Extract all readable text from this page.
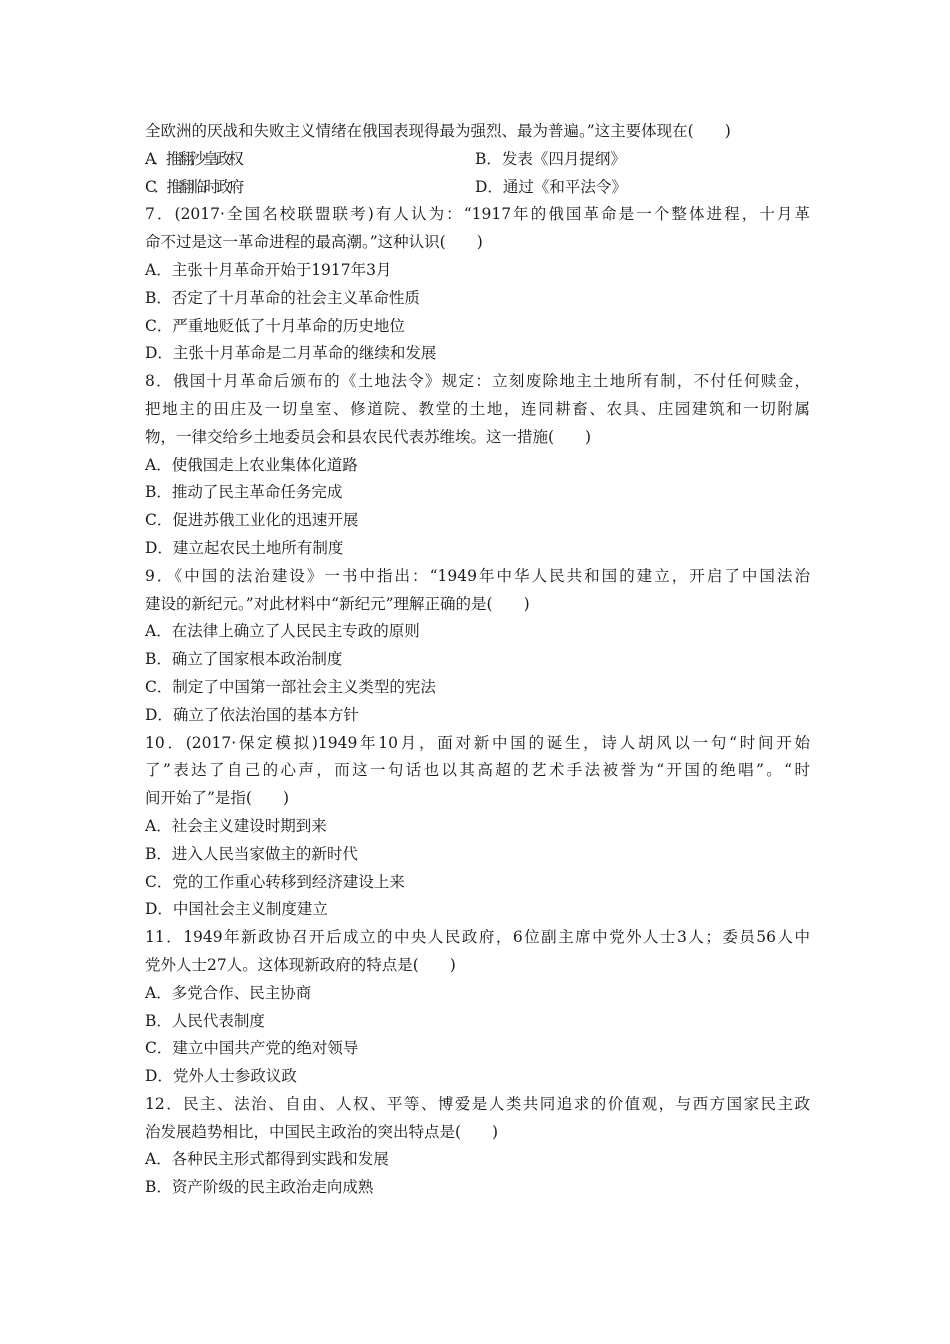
全欧洲的厌战和失败主义情绪在俄国表现得最为强烈、最为普遍。”这主要体现在(　　)
A．推翻沙皇政权	B．发表《四月提纲》
C．推翻临时政府	D．通过《和平法令》
7．(2017·全国名校联盟联考)有人认为：“1917年的俄国革命是一个整体进程，十月革
命不过是这一革命进程的最高潮。”这种认识(　　)
A．主张十月革命开始于1917年3月
B．否定了十月革命的社会主义革命性质
C．严重地贬低了十月革命的历史地位
D．主张十月革命是二月革命的继续和发展
8．俄国十月革命后颁布的《土地法令》规定：立刻废除地主土地所有制，不付任何赎金，
把地主的田庄及一切皇室、修道院、教堂的土地，连同耕畜、农具、庄园建筑和一切附属
物，一律交给乡土地委员会和县农民代表苏维埃。这一措施(　　)
A．使俄国走上农业集体化道路
B．推动了民主革命任务完成
C．促进苏俄工业化的迅速开展
D．建立起农民土地所有制度
9．《中国的法治建设》一书中指出：“1949年中华人民共和国的建立，开启了中国法治
建设的新纪元。”对此材料中“新纪元”理解正确的是(　　)
A．在法律上确立了人民民主专政的原则
B．确立了国家根本政治制度
C．制定了中国第一部社会主义类型的宪法
D．确立了依法治国的基本方针
10．(2017·保定模拟)1949年10月，面对新中国的诞生，诗人胡风以一句“时间开始
了”表达了自己的心声，而这一句话也以其高超的艺术手法被誉为“开国的绝唱”。“时
间开始了”是指(　　)
A．社会主义建设时期到来
B．进入人民当家做主的新时代
C．党的工作重心转移到经济建设上来
D．中国社会主义制度建立
11．1949年新政协召开后成立的中央人民政府，6位副主席中党外人士3人；委员56人中
党外人士27人。这体现新政府的特点是(　　)
A．多党合作、民主协商
B．人民代表制度
C．建立中国共产党的绝对领导
D．党外人士参政议政
12．民主、法治、自由、人权、平等、博爱是人类共同追求的价值观，与西方国家民主政
治发展趋势相比，中国民主政治的突出特点是(　　)
A．各种民主形式都得到实践和发展
B．资产阶级的民主政治走向成熟
